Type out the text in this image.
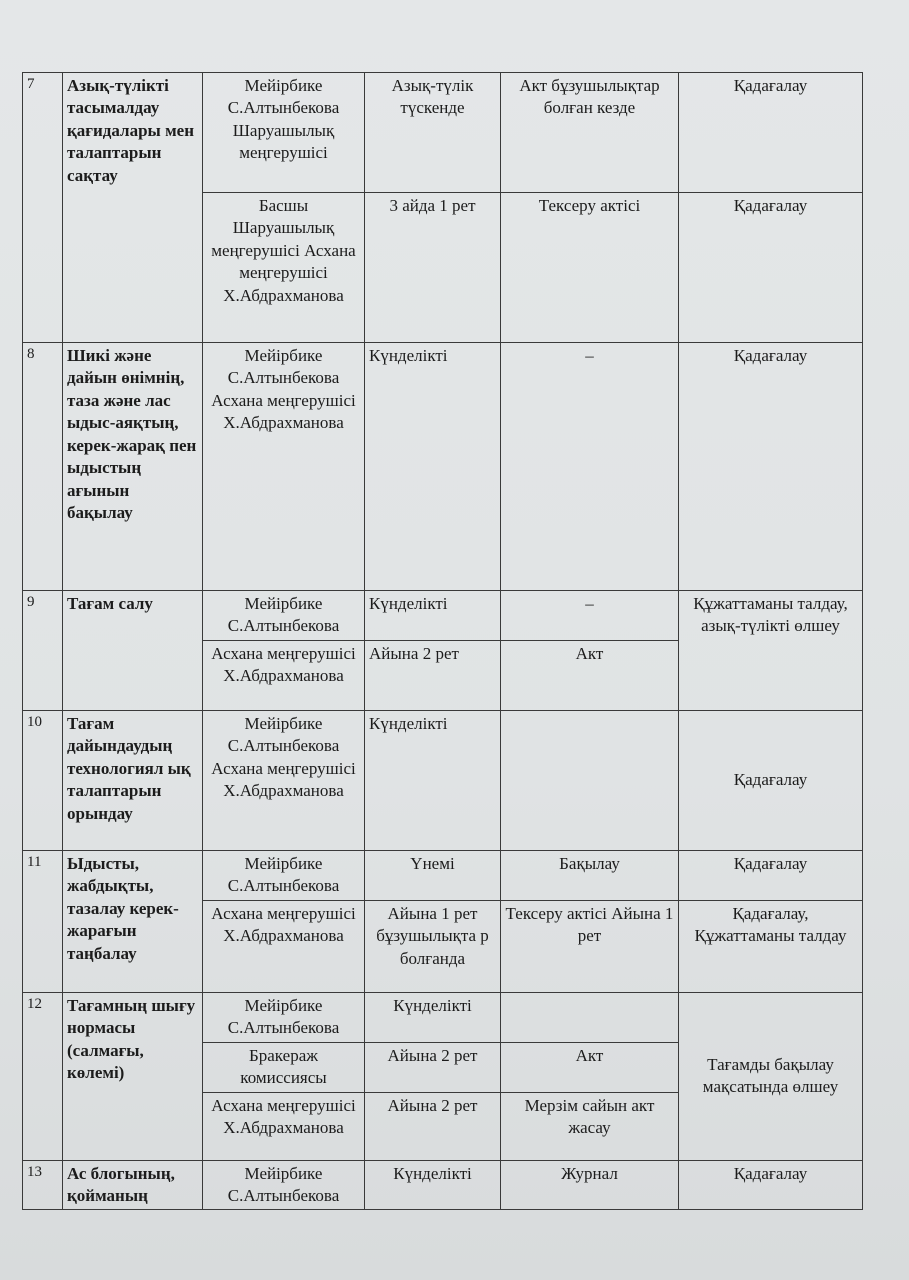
7	Азық-түлікті тасымалдау қағидалары мен талаптарын сақтау	Мейірбике С.Алтынбекова Шаруашылық меңгерушісі	Азық-түлік түскенде	Акт бұзушылықтар болған кезде	Қадағалау
		Басшы Шаруашылық меңгерушісі Асхана меңгерушісі Х.Абдрахманова	3 айда 1 рет	Тексеру актісі	Қадағалау
8	Шикі және дайын өнімнің, таза және лас ыдыс-аяқтың, керек-жарақ пен ыдыстың ағынын бақылау	Мейірбике С.Алтынбекова Асхана меңгерушісі Х.Абдрахманова	Күнделікті	–	Қадағалау
9	Тағам салу	Мейірбике С.Алтынбекова	Күнделікті	–	Құжаттаманы талдау, азық-түлікті өлшеу
		Асхана меңгерушісі Х.Абдрахманова	Айына 2 рет	Акт	
10	Тағам дайындаудың технологиял ық талаптарын орындау	Мейірбике С.Алтынбекова Асхана меңгерушісі Х.Абдрахманова	Күнделікті		Қадағалау
11	Ыдысты, жабдықты, тазалау керек-жарағын таңбалау	Мейірбике С.Алтынбекова	Үнемі	Бақылау	Қадағалау
		Асхана меңгерушісі Х.Абдрахманова	Айына 1 рет бұзушылықта р болғанда	Тексеру актісі Айына 1 рет	Қадағалау, Құжаттаманы талдау
12	Тағамның шығу нормасы (салмағы, көлемі)	Мейірбике С.Алтынбекова	Күнделікті		Тағамды бақылау мақсатында өлшеу
		Бракераж комиссиясы	Айына 2 рет	Акт	
		Асхана меңгерушісі Х.Абдрахманова	Айына 2 рет	Мерзім сайын акт жасау	
13	Ас блогының, қойманың	Мейірбике С.Алтынбекова	Күнделікті	Журнал	Қадағалау
